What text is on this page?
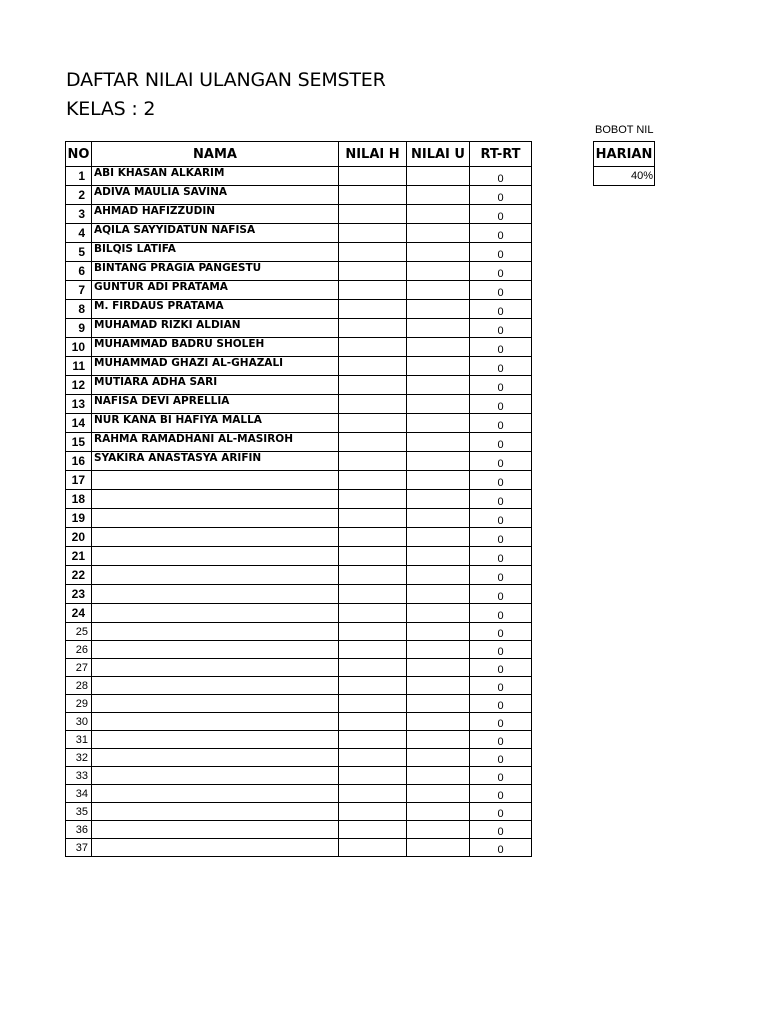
DAFTAR NILAI ULANGAN SEMSTER
KELAS : 2
NO	NAMA	NILAI H	NILAI U	RT-RT
1	ABI KHASAN ALKARIM			0
2	ADIVA MAULIA SAVINA			0
3	AHMAD HAFIZZUDIN			0
4	AQILA SAYYIDATUN NAFISA			0
5	BILQIS LATIFA			0
6	BINTANG PRAGIA PANGESTU			0
7	GUNTUR ADI PRATAMA			0
8	M. FIRDAUS PRATAMA			0
9	MUHAMAD RIZKI ALDIAN			0
10	MUHAMMAD BADRU SHOLEH			0
11	MUHAMMAD GHAZI AL-GHAZALI			0
12	MUTIARA ADHA SARI			0
13	NAFISA DEVI APRELLIA			0
14	NUR KANA BI HAFIYA MALLA			0
15	RAHMA RAMADHANI AL-MASIROH			0
16	SYAKIRA ANASTASYA ARIFIN			0
17				0
18				0
19				0
20				0
21				0
22				0
23				0
24				0
25				0
26				0
27				0
28				0
29				0
30				0
31				0
32				0
33				0
34				0
35				0
36				0
37				0
BOBOT NIL
HARIAN
40%
